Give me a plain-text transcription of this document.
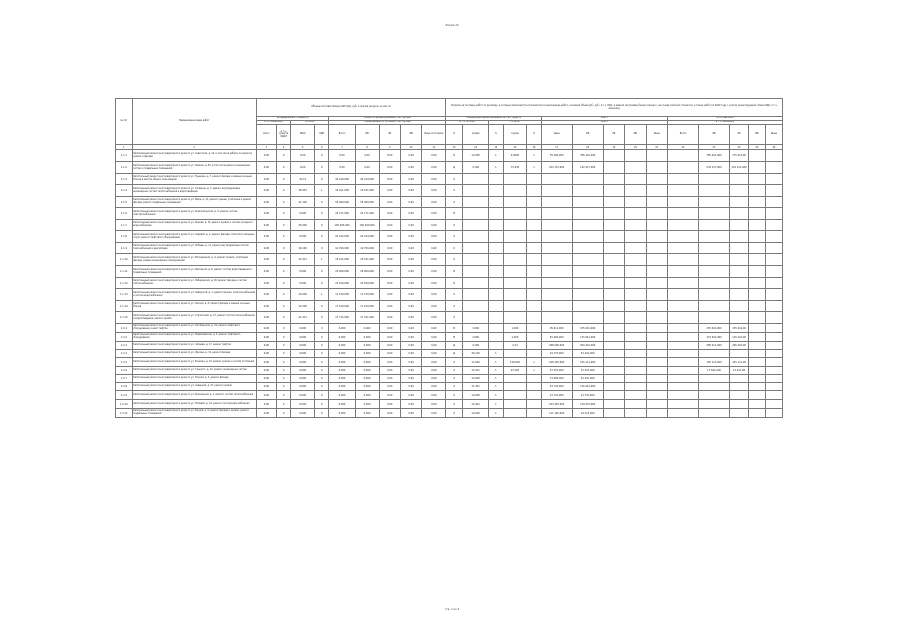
Форма 13
№ п/п	Наименование вида работ	Объемы поставок Бизнес-LNP (ЦС), руб. и прочие ресурсы, из них по									Затраты на поставку работ по договору, в которых заключаются исполнители за выполнение работ, основной объем руб., руб., в т.ч. НДС, в рамках программы бизнес-процесс, на основе сметной стоимости, а также работ по 2020 году с учетом проектируемой ставки НДС, в т.ч. заказчику														
		Из федерального бюджета				Объем по финансированию, тыс. рублей					Планируемая финансирование за счет средств					Всего					В составе ЖКО				
		в т.ч. заказчику		по ЖКО		Планируемые поступления, тыс. рублей					в т.ч. по ЖКО		по ЖКО			Всего					в т.ч. заказчику				
		всего	в т.ч. средств ОДОЛ	ЖКО	ОДП	Всего	ФБ	РБ	МБ	Иные источники	%	Сумма	%	Сумма	%	Цена	ФБ	РБ	МБ	Иные	Всего	ФБ	РБ	МБ	Иные
1	2	3	4	5	6	7	8	9	10	11	12	13	14	15	16	17	18	19	20	21	22	23	24	25	26
1.1.1	Капитальный ремонт многоквартирного дома по ул. Советской, д. 12, в том числе работы по ремонту кровли и фасада	0,00	0	0,00	0	0,00	0,00	0,00	0,00	0,00	В	10,350	1	0,0000	1	55 490,000	785 401,000					785 401,000	175 413,00		
1.1.2	Капитальный ремонт многоквартирного дома по ул. Ленина, д. 45, в том числе ремонт инженерных систем и подвальных помещений	0,00	0	0,00	0	0,00	0,00	0,00	0,00	0,00	Д	4,700	1	75,430	1	102 172,000	132 417,000					234 117,000	101 121,000		
1.1.3	Капитальный ремонт многоквартирного дома по ул. Пушкина, д. 7, ремонт фасада и замена оконных блоков в местах общего пользования	0,00	0	41,14	0	44 419,000	44 419,000	0,00	0,00	0,00	Х														
1.1.4	Капитальный ремонт многоквартирного дома по ул. Гагарина, д. 3, ремонт внутридомовых инженерных систем теплоснабжения и водоотведения	0,00	0	28,451	1	19 411,000	19 411,000	0,00	0,00	0,00	Х														
1.1.5	Капитальный ремонт многоквартирного дома по ул. Мира, д. 21, ремонт крыши, утепление и ремонт фасада, ремонт подвальных помещений	0,00	0	41,120	0	55 460,000	55 460,000	0,00	0,00	0,00	Х														
1.1.6	Капитальный ремонт многоквартирного дома по ул. Комсомольской, д. 9, ремонт систем электроснабжения	0,00	0	0,000	0	22 171,000	22 171,000	0,00	0,00	0,00	В														
1.1.7	Капитальный ремонт многоквартирного дома по ул. Кирова, д. 15, ремонт кровли и систем холодного водоснабжения	0,00	0	25,000	0	100 000,000	100 000,000	0,00	0,00	0,00	Х														
1.1.8	Капитальный ремонт многоквартирного дома по ул. Садовой, д. 2, ремонт фасада, отмостки и входных групп, ремонт лифтового оборудования	0,00	0	0,090	0	24 414,000	24 414,000	0,00	0,00	0,00	Х														
1.1.9	Капитальный ремонт многоквартирного дома по ул. Победы, д. 11, ремонт внутридомовых систем газоснабжения и вентиляции	0,00	0	29,140	0	12 700,000	12 700,000	0,00	0,00	0,00	Х														
1.1.10	Капитальный ремонт многоквартирного дома по ул. Молодежной, д. 4, ремонт кровли, утепление фасада, замена инженерных коммуникаций	0,00	0	22,411	1	15 411,000	15 411,000	0,00	0,00	0,00	Х														
1.1.11	Капитальный ремонт многоквартирного дома по ул. Школьной, д. 6, ремонт систем водоотведения и подвальных помещений	0,00	0	0,000	0	20 000,000	20 000,000	0,00	0,00	0,00	В														
1.1.12	Капитальный ремонт многоквартирного дома по ул. Набережной, д. 18, ремонт фасада и систем теплоснабжения	0,00	0	0,000	0	23 100,000	23 100,000	0,00	0,00	0,00	В														
1.1.13	Капитальный ремонт многоквартирного дома по ул. Заводской, д. 1, ремонт кровли, электроснабжения и систем водоснабжения	0,00	0	24,000	1	11 470,000	11 470,000	0,00	0,00	0,00	Х														
1.1.14	Капитальный ремонт многоквартирного дома по ул. Лесной, д. 8, ремонт фасада и замена оконных блоков	0,00	0	22,000	0	17 100,000	17 100,000	0,00	0,00	0,00	Х														
1.1.15	Капитальный ремонт многоквартирного дома по ул. Строителей, д. 13, ремонт систем теплоснабжения и водоотведения, ремонт кровли	0,00	0	41,411	0	17 711,000	17 411,000	0,00	0,00	0,00	Х														
1.2.1	Капитальный ремонт многоквартирного дома по ул. Октябрьской, д. 22, ремонт лифтового оборудования и шахт лифтов	0,00	0	0,000	0	0,000	0,000	0,00	0,00	0,00	В	1,000		1,000		95 411,000	155 441,000					155 441,000	155 441,00		
1.2.2	Капитальный ремонт многоквартирного дома по ул. Первомайской, д. 5, ремонт лифтового оборудования	0,00	0	0,000	0	0,000	0,000	0,00	0,00	0,00	В	1,000		1,000		81 465,000	115 641,000					115 641,000	115 441,00		
1.2.3	Капитальный ремонт многоквартирного дома по ул. Чапаева, д. 17, ремонт лифтов	0,00	0	0,000	0	0,000	0,000	0,00	0,00	0,00	Д	4,100		4,14		298 400,000	200 401,000					285 411,000	205 401,00		
1.2.4	Капитальный ремонт многоквартирного дома по ул. Жукова, д. 31, ремонт фасада	0,00	0	0,000	0	0,000	0,000	0,00	0,00	0,00	Д	45,110	1			24 175,000	51 441,000								
1.2.5	Капитальный ремонт многоквартирного дома по ул. Есенина, д. 10, ремонт кровли и систем отопления	0,00	0	0,000	0	0,000	0,000	0,00	0,00	0,00	Х	11,000	1	116,000	1	108 125,000	125 111,000					125 111,000	125 111,00		
1.2.6	Капитальный ремонт многоквартирного дома по ул. Горького, д. 14, ремонт инженерных систем	0,00	0	0,000	0	0,000	0,000	0,00	0,00	0,00	Х	15,221	1	23,100	1	47 431,000	21 410,000					17 641,000	21 411,00		
1.2.7	Капитальный ремонт многоквартирного дома по ул. Южной, д. 3, ремонт фасада	0,00	0	0,000	0	0,000	0,000	0,00	0,00	0,00	Х	12,000	1			71 000,000	41 401,000								
1.2.8	Капитальный ремонт многоквартирного дома по ул. Северной, д. 27, ремонт кровли	0,00	0	0,000	0	0,000	0,000	0,00	0,00	0,00	Х	71,441	1			43 745,000	116 441,000								
1.2.9	Капитальный ремонт многоквартирного дома по ул. Вокзальной, д. 2, ремонт систем теплоснабжения	0,00	0	0,000	0	0,000	0,000	0,00	0,00	0,00	Х	14,000	1			21 741,000	21 741,000								
1.2.10	Капитальный ремонт многоквартирного дома по ул. Полевой, д. 19, ремонт систем водоснабжения	0,00	0	0,000	0	0,000	0,000	0,00	0,00	0,00	Х	14,441	1			103 445,000	110 675,000								
1.2.11	Капитальный ремонт многоквартирного дома по ул. Речной, д. 6, ремонт фасада и кровли, ремонт подвальных помещений	0,00	0	0,000	0	0,000	0,000	0,00	0,00	0,00	Х	14,000	1			111 140,000	24 114,000								
стр. 1 из 2
